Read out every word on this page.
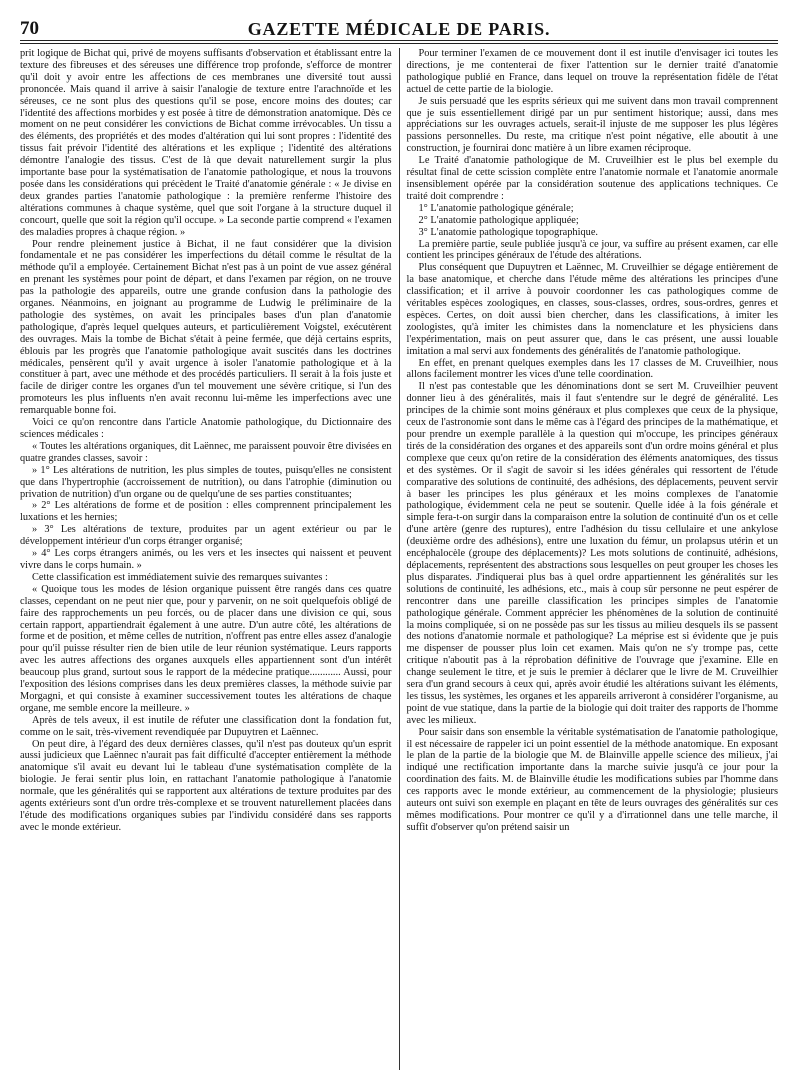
70	GAZETTE MÉDICALE DE PARIS.

prit logique de Bichat qui, privé de moyens suffisants d'observation et établissant entre la texture des fibreuses et des séreuses une différence trop profonde, s'efforce de montrer qu'il doit y avoir entre les affections de ces membranes une diversité tout aussi prononcée. Mais quand il arrive à saisir l'analogie de texture entre l'arachnoïde et les séreuses, ce ne sont plus des questions qu'il se pose, encore moins des doutes; car l'identité des affections morbides y est posée à titre de démonstration anatomique. Dès ce moment on ne peut considérer les convictions de Bichat comme irrévocables. Un tissu a des éléments, des propriétés et des modes d'altération qui lui sont propres : l'identité des tissus fait prévoir l'identité des altérations et les explique ; l'identité des altérations démontre l'analogie des tissus. C'est de là que devait naturellement surgir la plus importante base pour la systématisation de l'anatomie pathologique, et nous la trouvons posée dans les considérations qui précèdent le Traité d'anatomie générale : « Je divise en deux grandes parties l'anatomie pathologique : la première renferme l'histoire des altérations communes à chaque système, quel que soit l'organe à la structure duquel il concourt, quelle que soit la région qu'il occupe. » La seconde partie comprend « l'examen des maladies propres à chaque région. »

Pour rendre pleinement justice à Bichat, il ne faut considérer que la division fondamentale et ne pas considérer les imperfections du détail comme le résultat de la méthode qu'il a employée. Certainement Bichat n'est pas à un point de vue assez général en prenant les systèmes pour point de départ, et dans l'examen par région, on ne trouve pas la pathologie des appareils, outre une grande confusion dans la pathologie des organes. Néanmoins, en joignant au programme de Ludwig le préliminaire de la pathologie des systèmes, on avait les principales bases d'un plan d'anatomie pathologique, d'après lequel quelques auteurs, et particulièrement Voigstel, exécutèrent des ouvrages. Mais la tombe de Bichat s'était à peine fermée, que déjà certains esprits, éblouis par les progrès que l'anatomie pathologique avait suscités dans les doctrines médicales, pensèrent qu'il y avait urgence à isoler l'anatomie pathologique et à la constituer à part, avec une méthode et des procédés particuliers. Il serait à la fois juste et facile de diriger contre les organes d'un tel mouvement une sévère critique, si l'un des promoteurs les plus influents n'en avait reconnu lui-même les imperfections avec une remarquable bonne foi.

Voici ce qu'on rencontre dans l'article Anatomie pathologique, du Dictionnaire des sciences médicales :

« Toutes les altérations organiques, dit Laënnec, me paraissent pouvoir être divisées en quatre grandes classes, savoir :

» 1° Les altérations de nutrition, les plus simples de toutes, puisqu'elles ne consistent que dans l'hypertrophie (accroissement de nutrition), ou dans l'atrophie (diminution ou privation de nutrition) d'un organe ou de quelqu'une de ses parties constituantes;

» 2° Les altérations de forme et de position : elles comprennent principalement les luxations et les hernies;

» 3° Les altérations de texture, produites par un agent extérieur ou par le développement intérieur d'un corps étranger organisé;

» 4° Les corps étrangers animés, ou les vers et les insectes qui naissent et peuvent vivre dans le corps humain. »

Cette classification est immédiatement suivie des remarques suivantes :

« Quoique tous les modes de lésion organique puissent être rangés dans ces quatre classes, cependant on ne peut nier que, pour y parvenir, on ne soit quelquefois obligé de faire des rapprochements un peu forcés, ou de placer dans une division ce qui, sous certain rapport, appartiendrait également à une autre. D'un autre côté, les altérations de forme et de position, et même celles de nutrition, n'offrent pas entre elles assez d'analogie pour qu'il puisse résulter rien de bien utile de leur réunion systématique. Leurs rapports avec les autres affections des organes auxquels elles appartiennent sont d'un intérêt beaucoup plus grand, surtout sous le rapport de la médecine pratique............ Aussi, pour l'exposition des lésions comprises dans les deux premières classes, la méthode suivie par Morgagni, et qui consiste à examiner successivement toutes les altérations de chaque organe, me semble encore la meilleure. »

Après de tels aveux, il est inutile de réfuter une classification dont la fondation fut, comme on le sait, très-vivement revendiquée par Dupuytren et Laënnec.

On peut dire, à l'égard des deux dernières classes, qu'il n'est pas douteux qu'un esprit aussi judicieux que Laënnec n'aurait pas fait difficulté d'accepter entièrement la méthode anatomique s'il avait eu devant lui le tableau d'une systématisation complète de la biologie. Je ferai sentir plus loin, en rattachant l'anatomie pathologique à l'anatomie normale, que les généralités qui se rapportent aux altérations de texture produites par des agents extérieurs sont d'un ordre très-complexe et se trouvent naturellement placées dans l'étude des modifications organiques subies par l'individu considéré dans ses rapports avec le monde extérieur.

Pour terminer l'examen de ce mouvement dont il est inutile d'envisager ici toutes les directions, je me contenterai de fixer l'attention sur le dernier traité d'anatomie pathologique publié en France, dans lequel on trouve la représentation fidèle de l'état actuel de cette partie de la biologie.

Je suis persuadé que les esprits sérieux qui me suivent dans mon travail comprennent que je suis essentiellement dirigé par un pur sentiment historique; aussi, dans mes appréciations sur les ouvrages actuels, serait-il injuste de me supposer les plus légères passions personnelles. Du reste, ma critique n'est point négative, elle aboutit à une construction, je fournirai donc matière à un libre examen réciproque.

Le Traité d'anatomie pathologique de M. Cruveilhier est le plus bel exemple du résultat final de cette scission complète entre l'anatomie normale et l'anatomie anormale insensiblement opérée par la considération soutenue des applications techniques. Ce traité doit comprendre :

1° L'anatomie pathologique générale;

2° L'anatomie pathologique appliquée;

3° L'anatomie pathologique topographique.

La première partie, seule publiée jusqu'à ce jour, va suffire au présent examen, car elle contient les principes généraux de l'étude des altérations.

Plus conséquent que Dupuytren et Laënnec, M. Cruveilhier se dégage entièrement de la base anatomique, et cherche dans l'étude même des altérations les principes d'une classification; et il arrive à pouvoir coordonner les cas pathologiques comme de véritables espèces zoologiques, en classes, sous-classes, ordres, sous-ordres, genres et espèces. Certes, on doit aussi bien chercher, dans les classifications, à imiter les zoologistes, qu'à imiter les chimistes dans la nomenclature et les physiciens dans l'expérimentation, mais on peut assurer que, dans le cas présent, une aussi louable imitation a mal servi aux fondements des généralités de l'anatomie pathologique.

En effet, en prenant quelques exemples dans les 17 classes de M. Cruveilhier, nous allons facilement montrer les vices d'une telle coordination.

Il n'est pas contestable que les dénominations dont se sert M. Cruveilhier peuvent donner lieu à des généralités, mais il faut s'entendre sur le degré de généralité. Les principes de la chimie sont moins généraux et plus complexes que ceux de la physique, ceux de l'astronomie sont dans le même cas à l'égard des principes de la mathématique, et pour prendre un exemple parallèle à la question qui m'occupe, les principes généraux tirés de la considération des organes et des appareils sont d'un ordre moins général et plus complexe que ceux qu'on retire de la considération des éléments anatomiques, des tissus et des systèmes. Or il s'agit de savoir si les idées générales qui ressortent de l'étude comparative des solutions de continuité, des adhésions, des déplacements, peuvent servir à baser les principes les plus généraux et les moins complexes de l'anatomie pathologique, évidemment cela ne peut se soutenir. Quelle idée à la fois générale et simple fera-t-on surgir dans la comparaison entre la solution de continuité d'un os et celle d'une artère (genre des ruptures), entre l'adhésion du tissu cellulaire et une ankylose (deuxième ordre des adhésions), entre une luxation du fémur, un prolapsus utérin et un encéphalocèle (groupe des déplacements)? Les mots solutions de continuité, adhésions, déplacements, représentent des abstractions sous lesquelles on peut grouper les choses les plus disparates. J'indiquerai plus bas à quel ordre appartiennent les généralités sur les solutions de continuité, les adhésions, etc., mais à coup sûr personne ne peut espérer de rencontrer dans une pareille classification les principes simples de l'anatomie pathologique générale. Comment apprécier les phénomènes de la solution de continuité la moins compliquée, si on ne possède pas sur les tissus au milieu desquels ils se passent des notions d'anatomie normale et pathologique? La méprise est si évidente que je puis me dispenser de pousser plus loin cet examen. Mais qu'on ne s'y trompe pas, cette critique n'aboutit pas à la réprobation définitive de l'ouvrage que j'examine. Elle en change seulement le titre, et je suis le premier à déclarer que le livre de M. Cruveilhier sera d'un grand secours à ceux qui, après avoir étudié les altérations suivant les éléments, les tissus, les systèmes, les organes et les appareils arriveront à considérer l'organisme, au point de vue statique, dans la partie de la biologie qui doit traiter des rapports de l'homme avec les milieux.

Pour saisir dans son ensemble la véritable systématisation de l'anatomie pathologique, il est nécessaire de rappeler ici un point essentiel de la méthode anatomique. En exposant le plan de la partie de la biologie que M. de Blainville appelle science des milieux, j'ai indiqué une rectification importante dans la marche suivie jusqu'à ce jour pour la coordination des faits. M. de Blainville étudie les modifications subies par l'homme dans ces rapports avec le monde extérieur, au commencement de la physiologie; plusieurs auteurs ont suivi son exemple en plaçant en tête de leurs ouvrages des généralités sur ces mêmes modifications. Pour montrer ce qu'il y a d'irrationnel dans une telle marche, il suffit d'observer qu'on prétend saisir un
